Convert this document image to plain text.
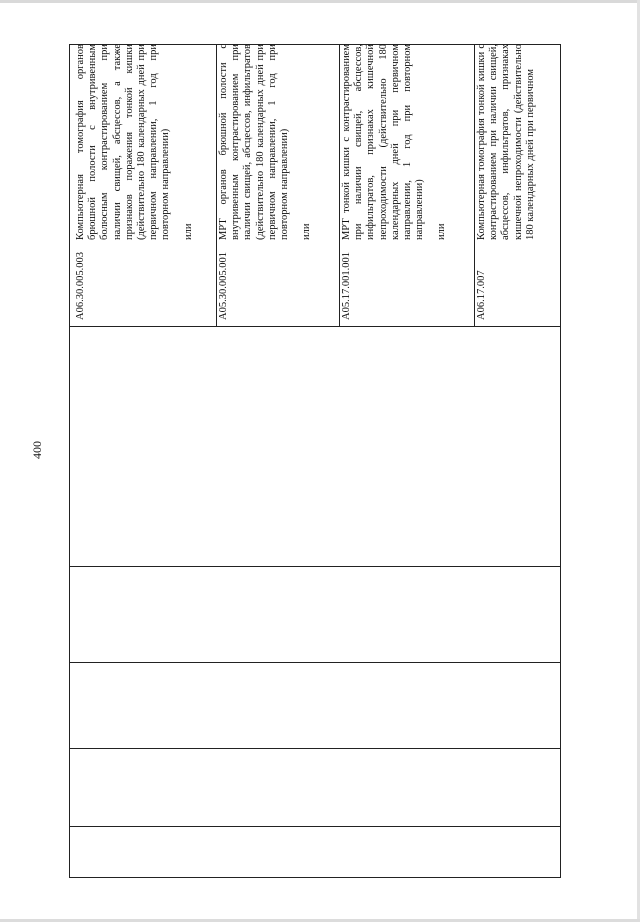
400
Компьютерная томография органов брюшной полости с внутривенным болюсным контрастированием при наличии свищей, абсцессов, а также признаков поражения тонкой кишки (действительно 180 календарных дней при первичном направлении, 1 год при повторном направлении) или
A06.30.005.003
МРТ органов брюшной полости с внутривенным контрастированием при наличии свищей, абсцессов, инфильтратов (действительно 180 календарных дней при первичном направлении, 1 год при повторном направлении) или
A05.30.005.001
МРТ тонкой кишки с контрастированием при наличии свищей, абсцессов, инфильтратов, признаках кишечной непроходимости (действительно 180 календарных дней при первичном направлении, 1 год при повторном направлении) или
A05.17.001.001
Компьютерная томография тонкой кишки с контрастированием при наличии свищей, абсцессов, инфильтратов, признаках кишечной непроходимости (действительно 180 календарных дней при первичном
A06.17.007
